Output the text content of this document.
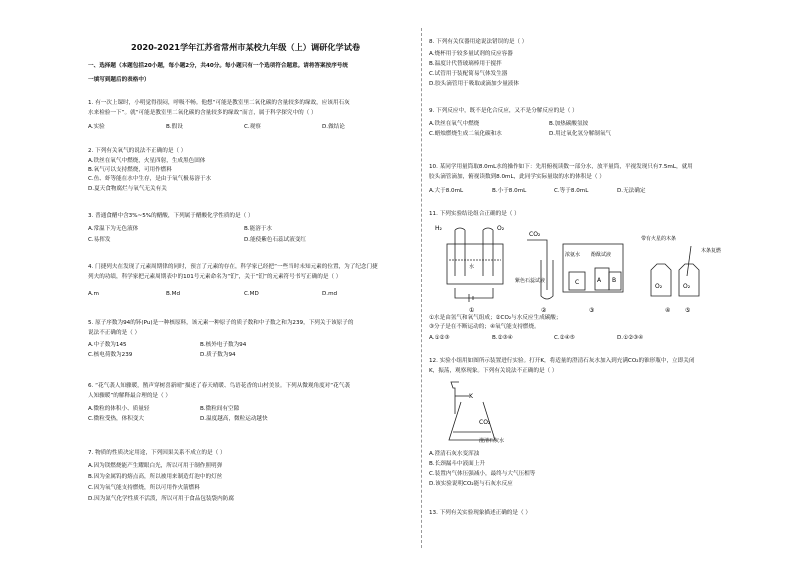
2020-2021学年江苏省常州市某校九年级（上）调研化学试卷
一、选择题（本题包括20小题，每小题2分，共40分。每小题只有一个选项符合题意。请将答案按序号统
一填写到题后的表格中）
1. 有一次上课时，小明觉得很闷，呼吸不畅。他想“可能是教室里二氧化碳的含量较多的缘故，应该用石灰
水来检验一下”。就“可能是教室里二氧化碳的含量较多的缘故”而言，属于科学探究中的（ ）
A.实验	B.假设	C.观察	D.做结论
2. 下列有关氧气的说法不正确的是（ ）
A.铁丝在氧气中燃烧，火星四射，生成黑色固体
B.氧气可以支持燃烧，可用作燃料
C.鱼、虾等能在水中生存，是由于氧气极易溶于水
D.夏天食物腐烂与氧气无关有关
3. 普通食醋中含3%~5%的醋酸，下列属于醋酸化学性质的是（ ）
A.常温下为无色液体	B.能溶于水
C.易挥发	D.能使紫色石蕊试液变红
4. 门捷列夫在发现了元素周期律的同时，预言了元素的存在，科学家已经把“一些当时未知元素的位置，为了纪念门捷
列夫的功绩，科学家把元素周期表中的101号元素命名为“钔”，关于“钔”的元素符号书写正确的是（ ）
A.m	B.Md	C.MD	D.md
5. 原子序数为94的钚(Pu)是一种核原料，该元素一种原子的质子数和中子数之和为239，下列关于该原子的
说法不正确的是（ ）
A.中子数为145	B.核外电子数为94
C.核电荷数为239	D.质子数为94
6. “花气袭人知骤暖，鹊声穿树喜新晴”描述了春天晴暖、鸟语花香的山村美景。下列从微观角度对“花气袭
人知骤暖”的解释最合理的是（ ）
A.微粒的体积小、质量轻	B.微粒间有空隙
C.微粒受热，体积变大	D.温度越高，微粒运动越快
7. 物质的性质决定用途，下列因果关系不成立的是（ ）
A.因为镁燃烧能产生耀眼白光，所以可用于制作照明弹
B.因为金属钨的熔点高，所以被用来制造灯泡中的灯丝
C.因为氧气能支持燃烧，所以可用作火箭燃料
D.因为氮气化学性质不活泼，所以可用于食品包装袋内防腐
8. 下列有关仪器用途说法错误的是（ ）
A.烧杯用于较多量试剂的反应容器
B.温度计代替玻璃棒用于搅拌
C.试管用于装配简易气体发生器
D.胶头滴管用于吸取或滴加少量液体
9. 下列反应中，既不是化合反应，又不是分解反应的是（ ）
A.铁丝在氧气中燃烧	B.加热碳酸氢铵
C.蜡烛燃烧生成二氧化碳和水	D.用过氧化氢分解制氧气
10. 某同学用量筒取8.0mL水的操作如下：先用俯视读数一部分水，放平量筒，平视发现只有7.5mL，就用
胶头滴管滴加，俯视读数到8.0mL，此同学实际量取的水的体积是（ ）
A.大于8.0mL	B.小于8.0mL	C.等于8.0mL	D.无法确定
11. 下列实验结论组合正确的是（ ）
H₂	O₂
水
①
CO₂
紫色石蕊试液
②
浓氨水 酚酞试液
A B
C
③
带有火星的木条
木条复燃
O₂	O₂
④ ⑤
①水是由氢气和氧气组成；②CO₂与水反应生成碳酸；
③分子是在不断运动的；④氧气能支持燃烧。
A.①②③	B.②③④	C.②④⑤	D.①②③④
12. 实验小组用如图所示装置进行实验。打开K，将适量的澄清石灰水加入到充满CO₂的锥形瓶中，立即关闭
K，振荡，观察现象。下列有关说法不正确的是（ ）
K
CO₂
澄清石灰水
A.澄清石灰水变浑浊
B.长颈漏斗中液面上升
C.装置内气体压强减小，最终与大气压相等
D.该实验说明CO₂能与石灰水反应
13. 下列有关实验现象描述正确的是（ ）
